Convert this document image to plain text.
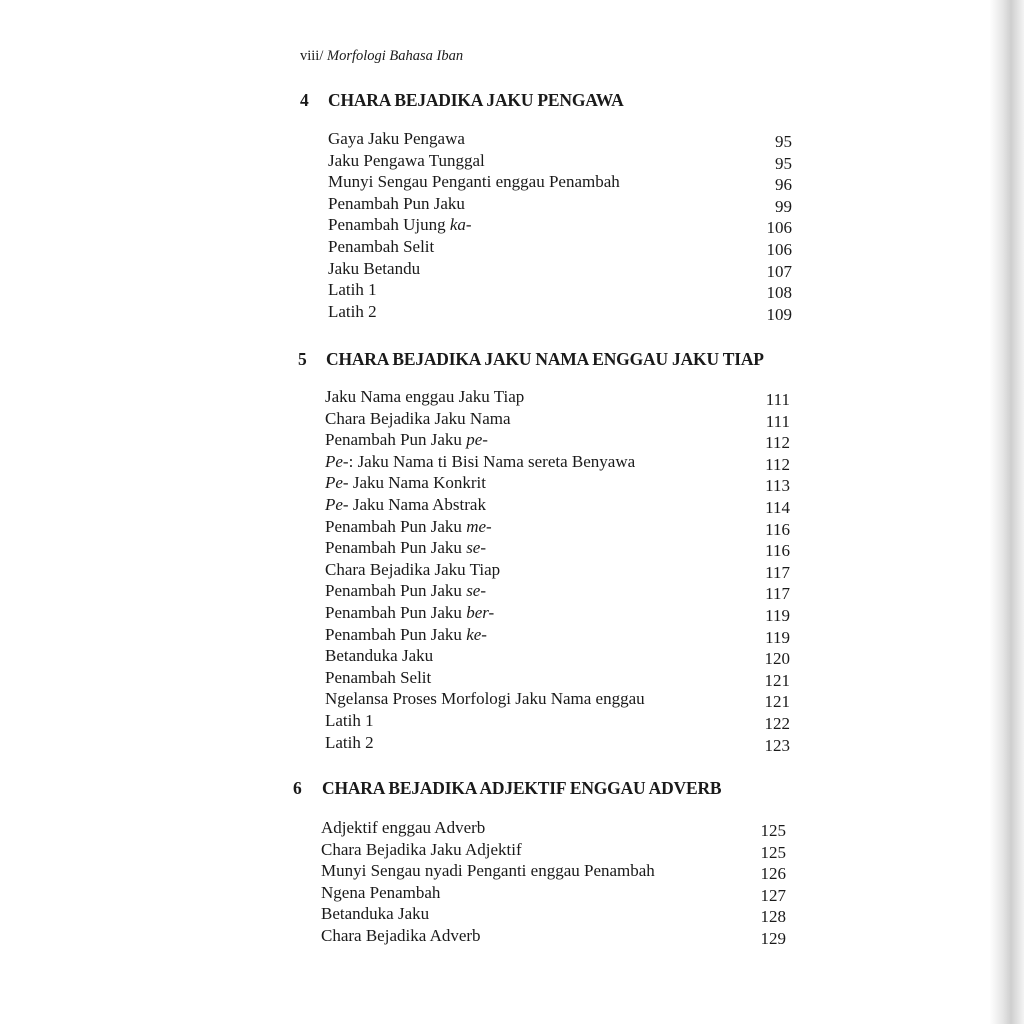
viii/ Morfologi Bahasa Iban
4 CHARA BEJADIKA JAKU PENGAWA
Gaya Jaku Pengawa	95
Jaku Pengawa Tunggal	95
Munyi Sengau Penganti enggau Penambah	96
Penambah Pun Jaku	99
Penambah Ujung ka-	106
Penambah Selit	106
Jaku Betandu	107
Latih 1	108
Latih 2	109
5 CHARA BEJADIKA JAKU NAMA ENGGAU JAKU TIAP
Jaku Nama enggau Jaku Tiap	111
Chara Bejadika Jaku Nama	111
Penambah Pun Jaku pe-	112
Pe-: Jaku Nama ti Bisi Nama sereta Benyawa	112
Pe- Jaku Nama Konkrit	113
Pe- Jaku Nama Abstrak	114
Penambah Pun Jaku me-	116
Penambah Pun Jaku se-	116
Chara Bejadika Jaku Tiap	117
Penambah Pun Jaku se-	117
Penambah Pun Jaku ber-	119
Penambah Pun Jaku ke-	119
Betanduka Jaku	120
Penambah Selit	121
Ngelansa Proses Morfologi Jaku Nama enggau	121
Latih 1	122
Latih 2	123
6 CHARA BEJADIKA ADJEKTIF ENGGAU ADVERB
Adjektif enggau Adverb	125
Chara Bejadika Jaku Adjektif	125
Munyi Sengau nyadi Penganti enggau Penambah	126
Ngena Penambah	127
Betanduka Jaku	128
Chara Bejadika Adverb	129
